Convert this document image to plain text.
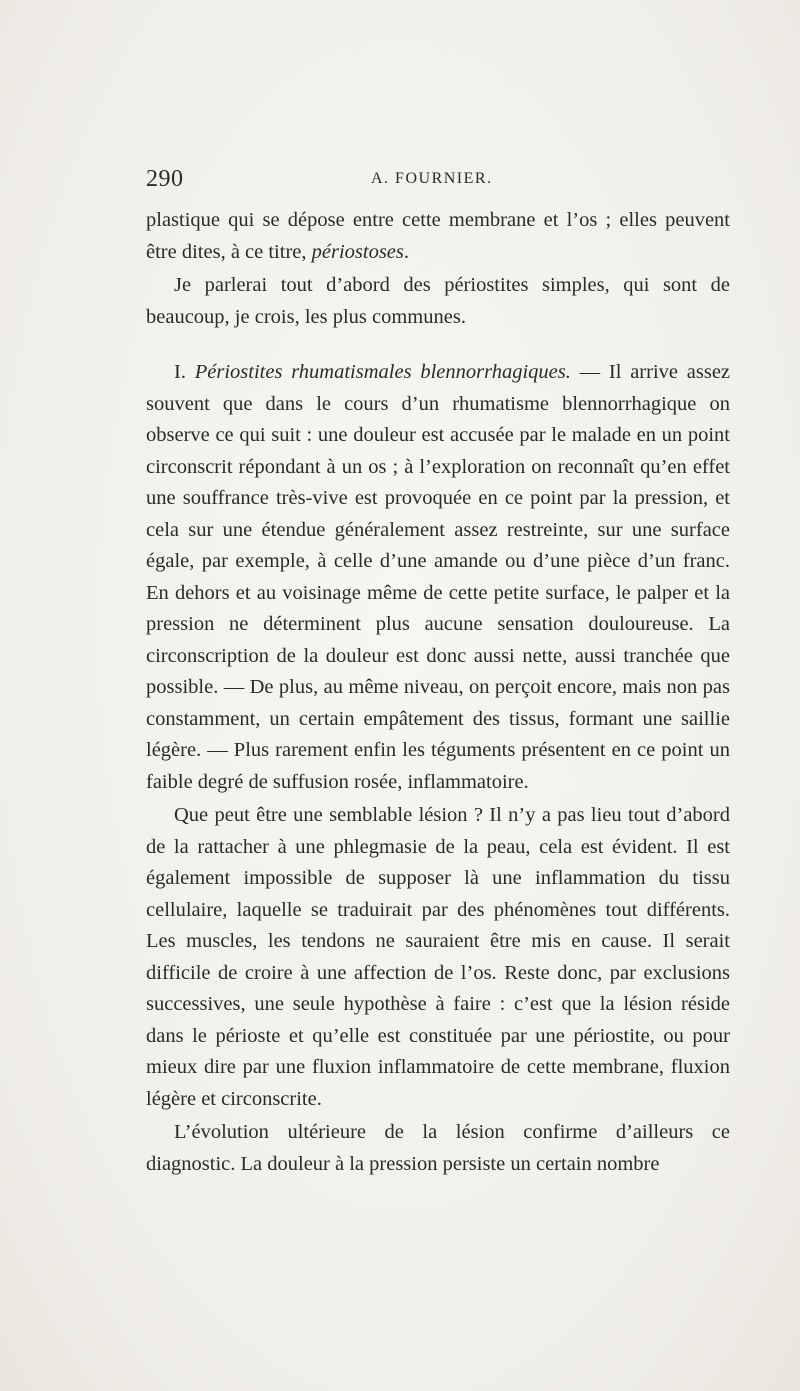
290	A. FOURNIER.

plastique qui se dépose entre cette membrane et l’os ; elles peuvent être dites, à ce titre, périostoses.

Je parlerai tout d’abord des périostites simples, qui sont de beaucoup, je crois, les plus communes.

I. Périostites rhumatismales blennorrhagiques. — Il arrive assez souvent que dans le cours d’un rhumatisme blennorrhagique on observe ce qui suit : une douleur est accusée par le malade en un point circonscrit répondant à un os ; à l’exploration on reconnaît qu’en effet une souffrance très-vive est provoquée en ce point par la pression, et cela sur une étendue généralement assez restreinte, sur une surface égale, par exemple, à celle d’une amande ou d’une pièce d’un franc. En dehors et au voisinage même de cette petite surface, le palper et la pression ne déterminent plus aucune sensation douloureuse. La circonscription de la douleur est donc aussi nette, aussi tranchée que possible. — De plus, au même niveau, on perçoit encore, mais non pas constamment, un certain empâtement des tissus, formant une saillie légère. — Plus rarement enfin les téguments présentent en ce point un faible degré de suffusion rosée, inflammatoire.

Que peut être une semblable lésion ? Il n’y a pas lieu tout d’abord de la rattacher à une phlegmasie de la peau, cela est évident. Il est également impossible de supposer là une inflammation du tissu cellulaire, laquelle se traduirait par des phénomènes tout différents. Les muscles, les tendons ne sauraient être mis en cause. Il serait difficile de croire à une affection de l’os. Reste donc, par exclusions successives, une seule hypothèse à faire : c’est que la lésion réside dans le périoste et qu’elle est constituée par une périostite, ou pour mieux dire par une fluxion inflammatoire de cette membrane, fluxion légère et circonscrite.

L’évolution ultérieure de la lésion confirme d’ailleurs ce diagnostic. La douleur à la pression persiste un certain nombre
